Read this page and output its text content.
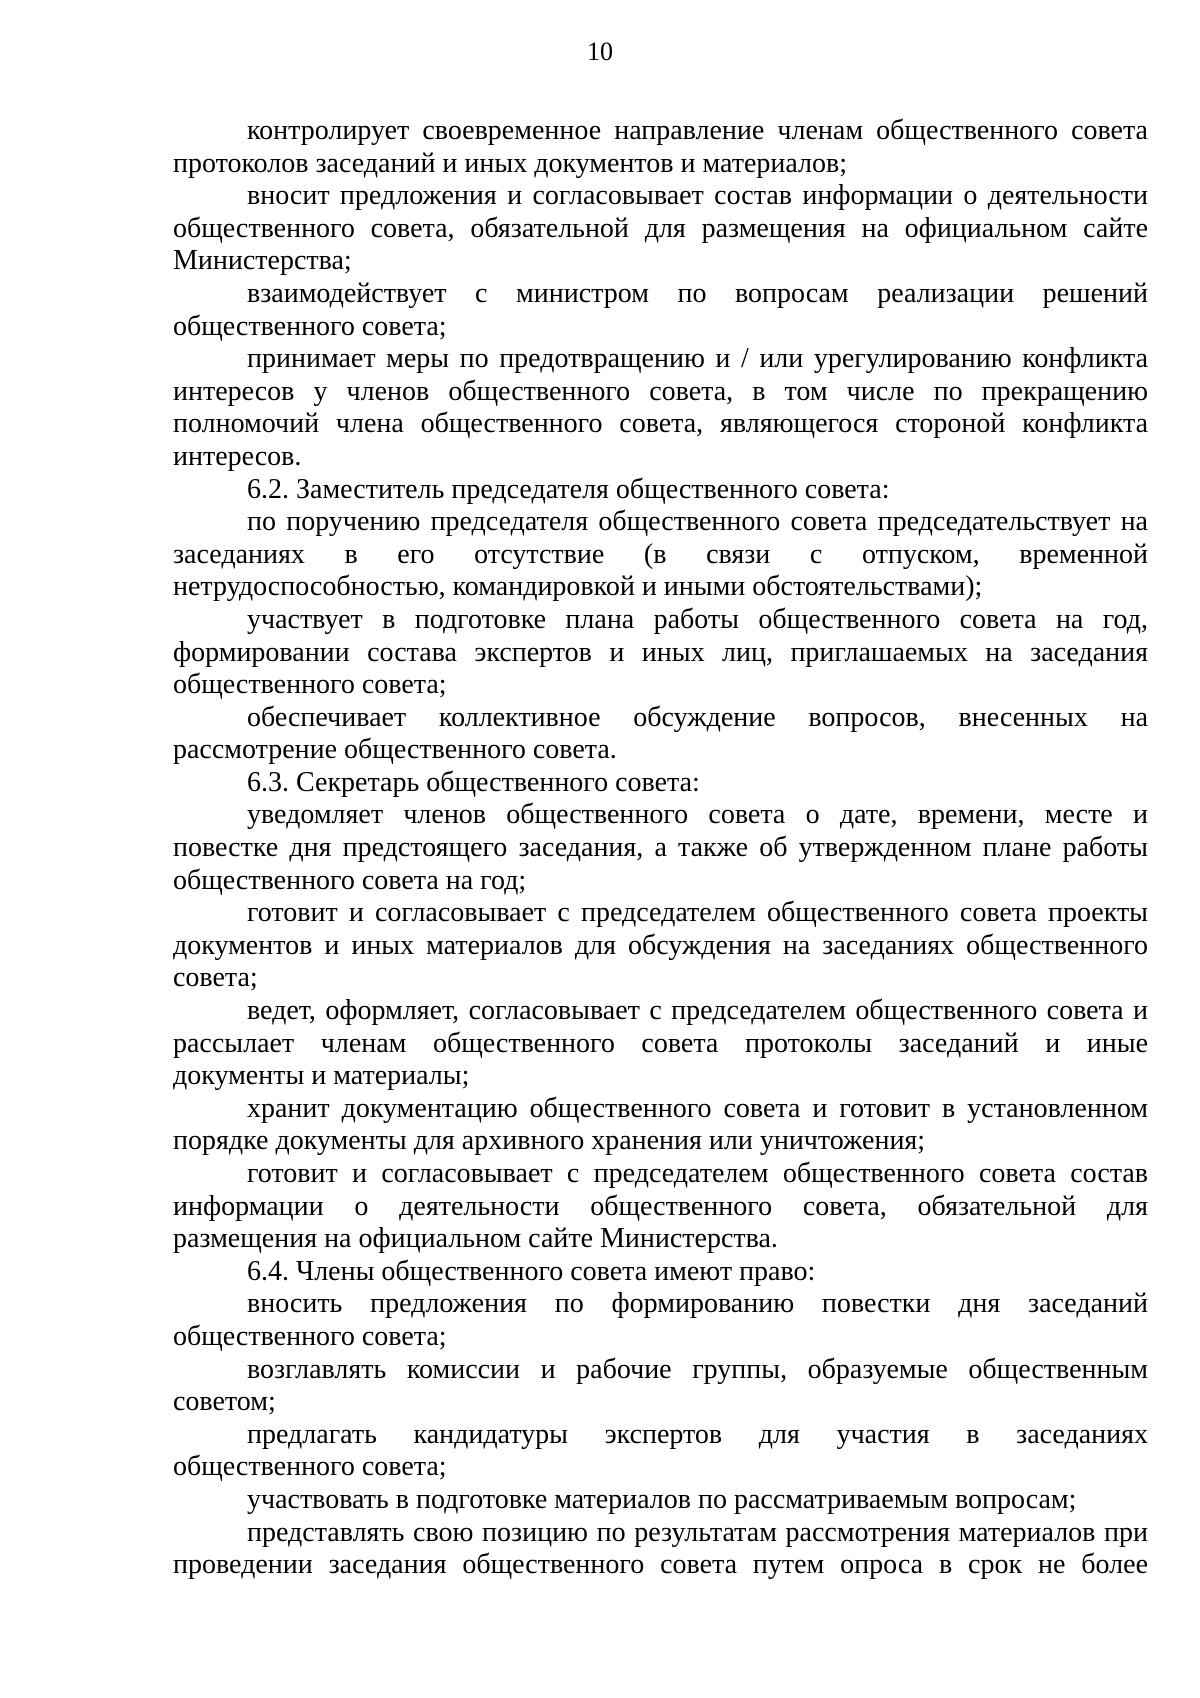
10

контролирует своевременное направление членам общественного совета протоколов заседаний и иных документов и материалов;

вносит предложения и согласовывает состав информации о деятельности общественного совета, обязательной для размещения на официальном сайте Министерства;

взаимодействует с министром по вопросам реализации решений общественного совета;

принимает меры по предотвращению и / или урегулированию конфликта интересов у членов общественного совета, в том числе по прекращению полномочий члена общественного совета, являющегося стороной конфликта интересов.

6.2. Заместитель председателя общественного совета:

по поручению председателя общественного совета председательствует на заседаниях в его отсутствие (в связи с отпуском, временной нетрудоспособностью, командировкой и иными обстоятельствами);

участвует в подготовке плана работы общественного совета на год, формировании состава экспертов и иных лиц, приглашаемых на заседания общественного совета;

обеспечивает коллективное обсуждение вопросов, внесенных на рассмотрение общественного совета.

6.3. Секретарь общественного совета:

уведомляет членов общественного совета о дате, времени, месте и повестке дня предстоящего заседания, а также об утвержденном плане работы общественного совета на год;

готовит и согласовывает с председателем общественного совета проекты документов и иных материалов для обсуждения на заседаниях общественного совета;

ведет, оформляет, согласовывает с председателем общественного совета и рассылает членам общественного совета протоколы заседаний и иные документы и материалы;

хранит документацию общественного совета и готовит в установленном порядке документы для архивного хранения или уничтожения;

готовит и согласовывает с председателем общественного совета состав информации о деятельности общественного совета, обязательной для размещения на официальном сайте Министерства.

6.4. Члены общественного совета имеют право:

вносить предложения по формированию повестки дня заседаний общественного совета;

возглавлять комиссии и рабочие группы, образуемые общественным советом;

предлагать кандидатуры экспертов для участия в заседаниях общественного совета;

участвовать в подготовке материалов по рассматриваемым вопросам;

представлять свою позицию по результатам рассмотрения материалов при проведении заседания общественного совета путем опроса в срок не более
